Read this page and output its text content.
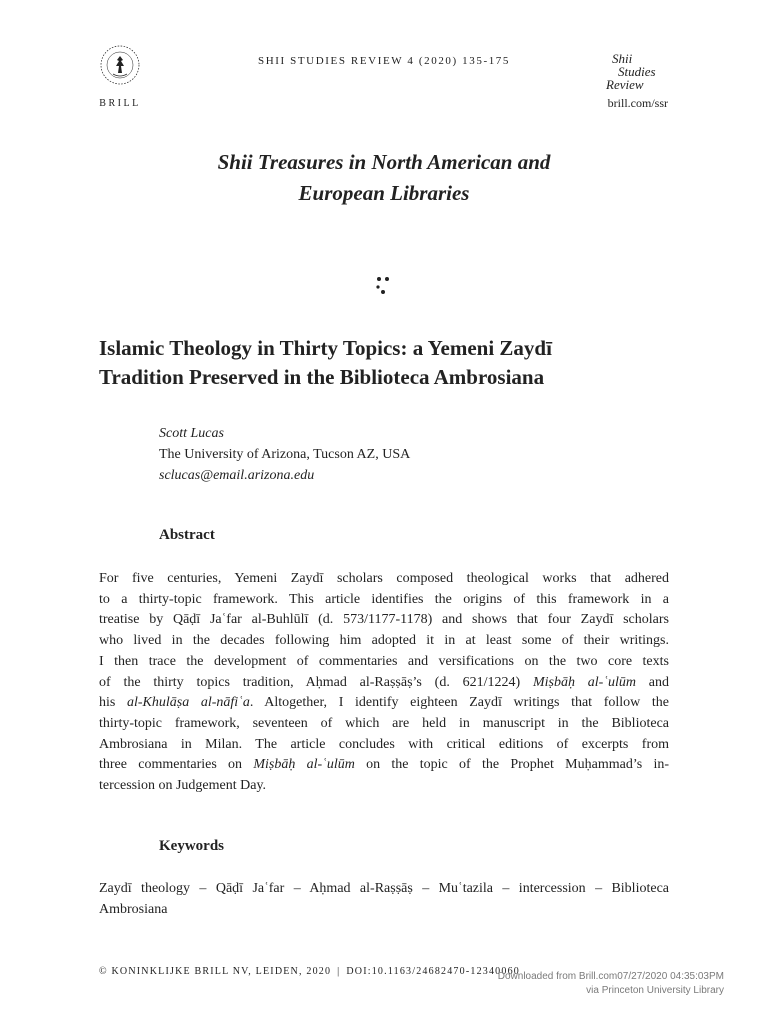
BRILL
SHII STUDIES REVIEW 4 (2020) 135-175	Shii
Studies
Review
brill.com/ssr
Shii Treasures in North American and
European Libraries
Islamic Theology in Thirty Topics: a Yemeni Zaydī
Tradition Preserved in the Biblioteca Ambrosiana
Scott Lucas
The University of Arizona, Tucson AZ, USA
sclucas@email.arizona.edu
Abstract
For five centuries, Yemeni Zaydī scholars composed theological works that adhered
to a thirty-topic framework. This article identifies the origins of this framework in a
treatise by Qāḍī Jaʿfar al-Buhlūlī (d. 573/1177-1178) and shows that four Zaydī scholars
who lived in the decades following him adopted it in at least some of their writings.
I then trace the development of commentaries and versifications on the two core texts
of the thirty topics tradition, Aḥmad al-Raṣṣāṣ’s (d. 621/1224) Miṣbāḥ al-ʿulūm and
his al-Khulāṣa al-nāfiʿa. Altogether, I identify eighteen Zaydī writings that follow the
thirty-topic framework, seventeen of which are held in manuscript in the Biblioteca
Ambrosiana in Milan. The article concludes with critical editions of excerpts from
three commentaries on Miṣbāḥ al-ʿulūm on the topic of the Prophet Muḥammad’s in-
tercession on Judgement Day.
Keywords
Zaydī theology – Qāḍī Jaʿfar – Aḥmad al-Raṣṣāṣ – Muʿtazila – intercession – Biblioteca
Ambrosiana
© KONINKLIJKE BRILL NV, LEIDEN, 2020 | DOI:10.1163/24682470-12340060
Downloaded from Brill.com07/27/2020 04:35:03PM
via Princeton University Library
